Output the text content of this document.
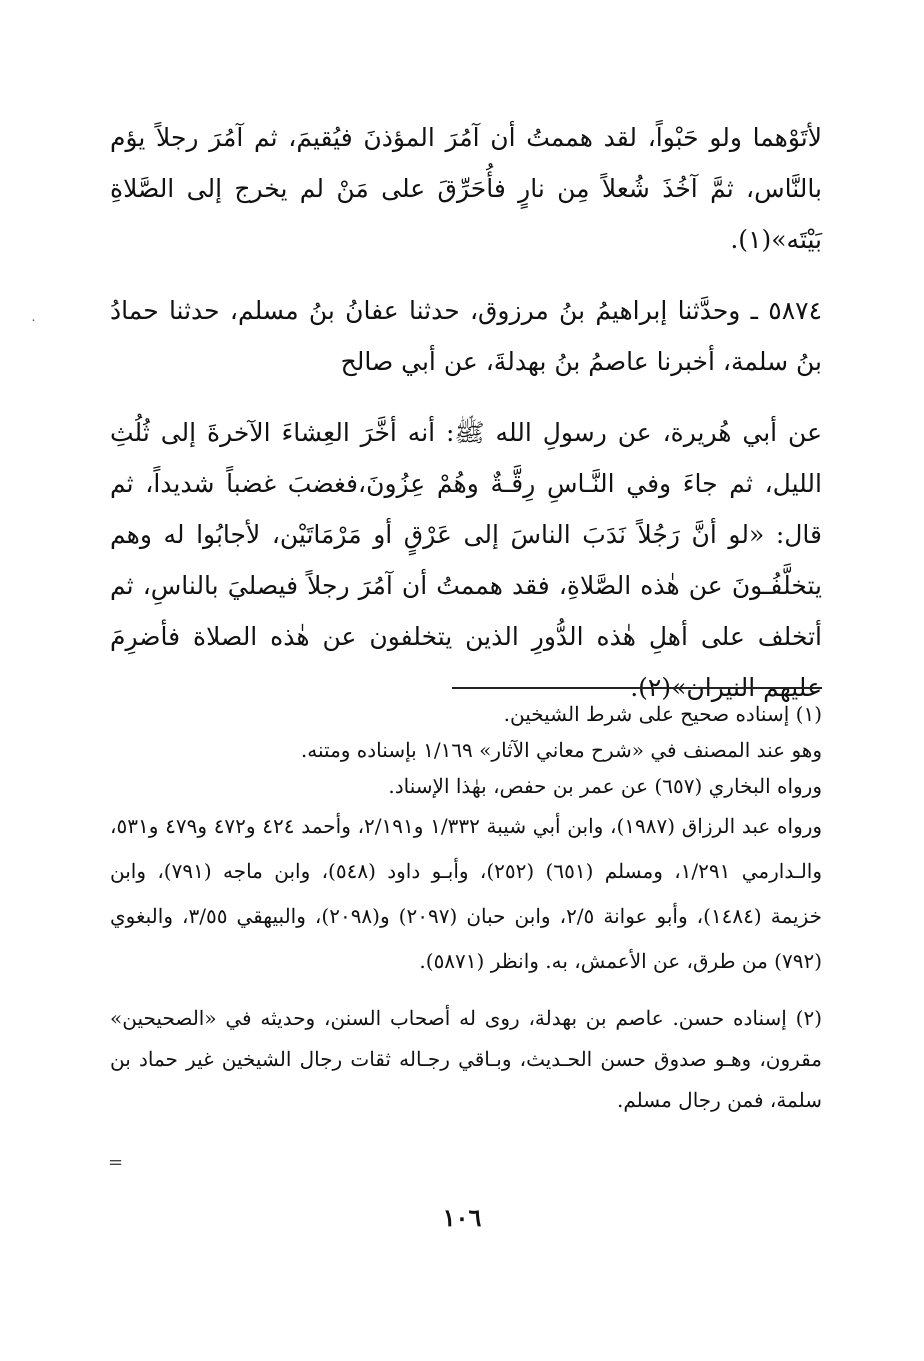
لأتَوْهما ولو حَبْواً، لقد هممتُ أن آمُرَ المؤذنَ فيُقيمَ، ثم آمُرَ رجلاً يؤم بالنَّاس، ثمَّ آخُذَ شُعلاً مِن نارٍ فأُحَرِّقَ على مَنْ لم يخرج إلى الصَّلاةِ بَيْتَه»(١).

٥٨٧٤ ـ وحدَّثنا إبراهيمُ بنُ مرزوق، حدثنا عفانُ بنُ مسلم، حدثنا حمادُ بنُ سلمة، أخبرنا عاصمُ بنُ بهدلةَ، عن أبي صالح

عن أبي هُريرة، عن رسولِ الله ﷺ: أنه أخَّرَ العِشاءَ الآخرةَ إلى ثُلُثِ الليل، ثم جاءَ وفي النَّـاسِ رِقَّـةٌ وهُمْ عِزُونَ،فغضبَ غضباً شديداً، ثم قال: «لو أنَّ رَجُلاً نَدَبَ الناسَ إلى عَرْقٍ أو مَرْمَاتَيْن، لأجابُوا له وهم يتخلَّفُـونَ عن هٰذه الصَّلاةِ، فقد هممتُ أن آمُرَ رجلاً فيصليَ بالناسِ، ثم أتخلف على أهلِ هٰذه الدُّورِ الذين يتخلفون عن هٰذه الصلاة فأضرِمَ عليهم النيران»(٢).

(١) إسناده صحيح على شرط الشيخين.

وهو عند المصنف في «شرح معاني الآثار» ١/١٦٩ بإسناده ومتنه.

ورواه البخاري (٦٥٧) عن عمر بن حفص، بهٰذا الإسناد.

ورواه عبد الرزاق (١٩٨٧)، وابن أبي شيبة ١/٣٣٢ و٢/١٩١، وأحمد ٤٢٤ و٤٧٢ و٤٧٩ و٥٣١، والـدارمي ١/٢٩١، ومسلم (٦٥١) (٢٥٢)، وأبـو داود (٥٤٨)، وابن ماجه (٧٩١)، وابن خزيمة (١٤٨٤)، وأبو عوانة ٢/٥، وابن حبان (٢٠٩٧) و(٢٠٩٨)، والبيهقي ٣/٥٥، والبغوي (٧٩٢) من طرق، عن الأعمش، به. وانظر (٥٨٧١).

(٢) إسناده حسن. عاصم بن بهدلة، روى له أصحاب السنن، وحديثه في «الصحيحين» مقرون، وهـو صدوق حسن الحـديث، وبـاقي رجـاله ثقات رجال الشيخين غير حماد بن سلمة، فمن رجال مسلم.

١٠٦
˙
=
